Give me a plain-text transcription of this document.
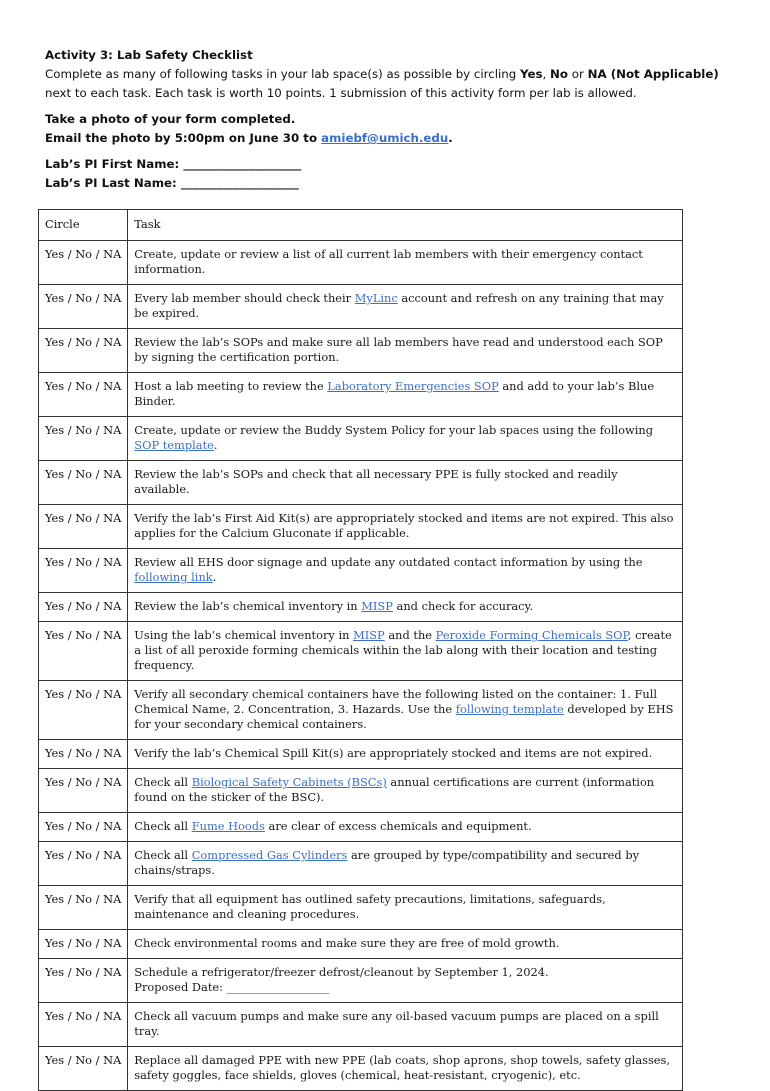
Activity 3: Lab Safety Checklist

Complete as many of following tasks in your lab space(s) as possible by circling Yes, No or NA (Not Applicable)

next to each task. Each task is worth 10 points. 1 submission of this activity form per lab is allowed.

Take a photo of your form completed.

Email the photo by 5:00pm on June 30 to amiebf@umich.edu.

Lab’s PI First Name: ____________________

Lab’s PI Last Name: ____________________

Circle	Task
Yes / No / NA	Create, update or review a list of all current lab members with their emergency contact information.
Yes / No / NA	Every lab member should check their MyLinc account and refresh on any training that may be expired.
Yes / No / NA	Review the lab’s SOPs and make sure all lab members have read and understood each SOP by signing the certification portion.
Yes / No / NA	Host a lab meeting to review the Laboratory Emergencies SOP and add to your lab’s Blue Binder.
Yes / No / NA	Create, update or review the Buddy System Policy for your lab spaces using the following SOP template.
Yes / No / NA	Review the lab’s SOPs and check that all necessary PPE is fully stocked and readily available.
Yes / No / NA	Verify the lab’s First Aid Kit(s) are appropriately stocked and items are not expired. This also applies for the Calcium Gluconate if applicable.
Yes / No / NA	Review all EHS door signage and update any outdated contact information by using the following link.
Yes / No / NA	Review the lab’s chemical inventory in MISP and check for accuracy.
Yes / No / NA	Using the lab’s chemical inventory in MISP and the Peroxide Forming Chemicals SOP, create a list of all peroxide forming chemicals within the lab along with their location and testing frequency.
Yes / No / NA	Verify all secondary chemical containers have the following listed on the container: 1. Full Chemical Name, 2. Concentration, 3. Hazards. Use the following template developed by EHS for your secondary chemical containers.
Yes / No / NA	Verify the lab’s Chemical Spill Kit(s) are appropriately stocked and items are not expired.
Yes / No / NA	Check all Biological Safety Cabinets (BSCs) annual certifications are current (information found on the sticker of the BSC).
Yes / No / NA	Check all Fume Hoods are clear of excess chemicals and equipment.
Yes / No / NA	Check all Compressed Gas Cylinders are grouped by type/compatibility and secured by chains/straps.
Yes / No / NA	Verify that all equipment has outlined safety precautions, limitations, safeguards, maintenance and cleaning procedures.
Yes / No / NA	Check environmental rooms and make sure they are free of mold growth.
Yes / No / NA	Schedule a refrigerator/freezer defrost/cleanout by September 1, 2024.
Proposed Date: __________________
Yes / No / NA	Check all vacuum pumps and make sure any oil-based vacuum pumps are placed on a spill tray.
Yes / No / NA	Replace all damaged PPE with new PPE (lab coats, shop aprons, shop towels, safety glasses, safety goggles, face shields, gloves (chemical, heat-resistant, cryogenic), etc.
